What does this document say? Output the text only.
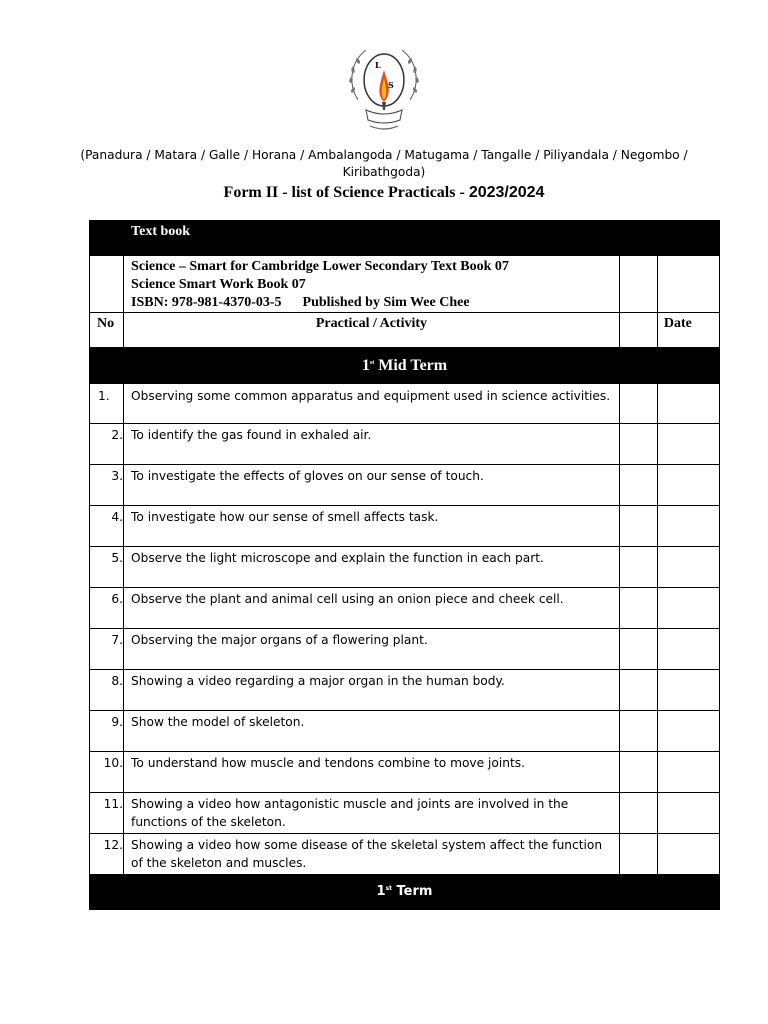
L
S
(Panadura / Matara / Galle / Horana / Ambalangoda / Matugama / Tangalle / Piliyandala / Negombo / Kiribathgoda)
Form II - list of Science Practicals - 2023/2024

	Text book		

	Science – Smart for Cambridge Lower Secondary Text Book 07
Science Smart Work Book 07
ISBN: 978-981-4370-03-5      Published by Sim Wee Chee		

No	Practical / Activity		Date

1st Mid Term			

1.	Observing some common apparatus and equipment used in science activities.		

2.	To identify the gas found in exhaled air.		

3.	To investigate the effects of gloves on our sense of touch.		

4.	To investigate how our sense of smell affects task.		

5.	Observe the light microscope and explain the function in each part.		

6.	Observe the plant and animal cell using an onion piece and cheek cell.		

7.	Observing the major organs of a flowering plant.		

8.	Showing a video regarding a major organ in the human body.		

9.	Show the model of skeleton.		

10.	To understand how muscle and tendons combine to move joints.		

11.	Showing a video how antagonistic muscle and joints are involved in the functions of the skeleton.		

12.	Showing a video how some disease of the skeletal system affect the function of the skeleton and muscles.		

1st Term			
